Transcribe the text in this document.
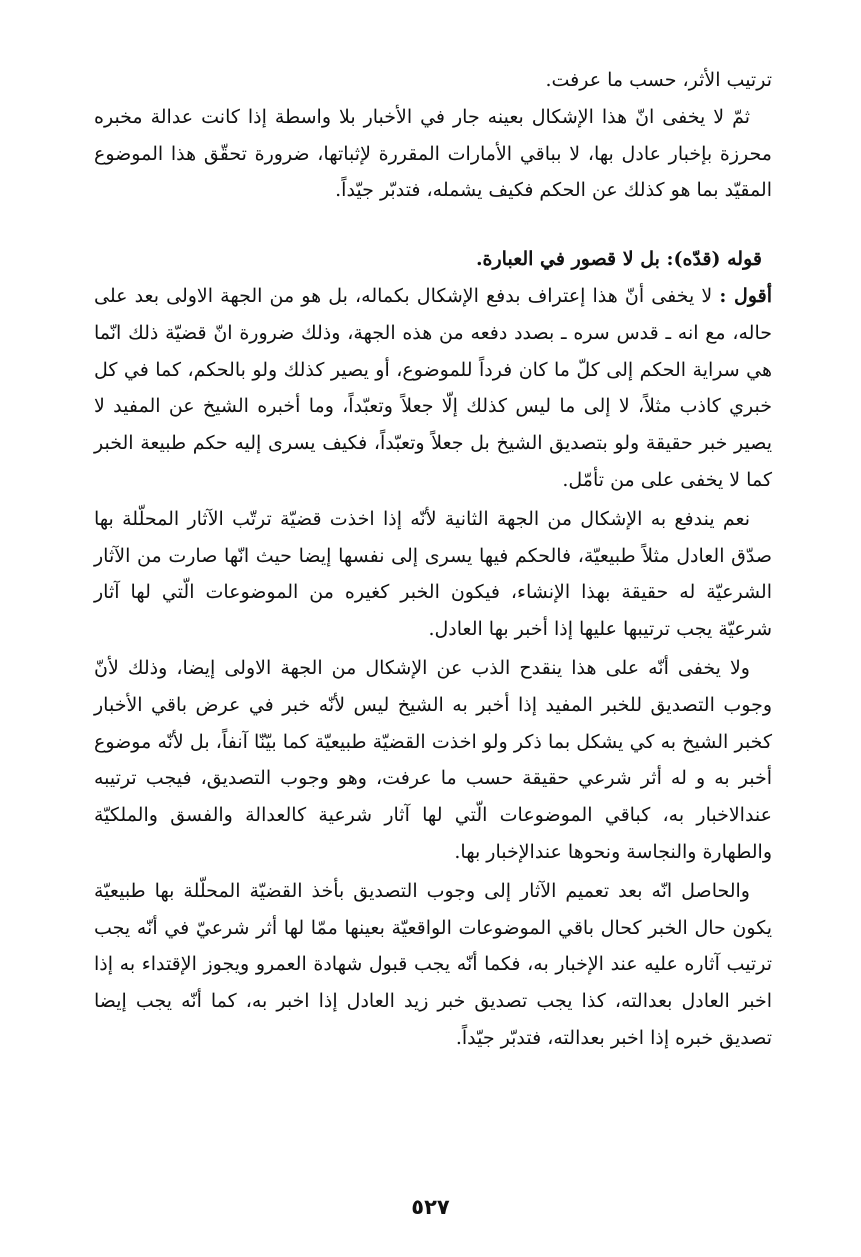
ترتيب الأثر، حسب ما عرفت.

ثمّ لا يخفى انّ هذا الإشكال بعينه جار في الأخبار بلا واسطة إذا كانت عدالة مخبره محرزة بإخبار عادل بها، لا بباقي الأمارات المقررة لإثباتها، ضرورة تحقّق هذا الموضوع المقيّد بما هو كذلك عن الحكم فكيف يشمله، فتدبّر جيّداً.

قوله (قدّه): بل لا قصور في العبارة.

أقول : لا يخفى أنّ هذا إعتراف بدفع الإشكال بكماله، بل هو من الجهة الاولى بعد على حاله، مع انه ـ قدس سره ـ بصدد دفعه من هذه الجهة، وذلك ضرورة انّ قضيّة ذلك انّما هي سراية الحكم إلى كلّ ما كان فرداً للموضوع، أو يصير كذلك ولو بالحكم، كما في كل خبري كاذب مثلاً، لا إلى ما ليس كذلك إلّا جعلاً وتعبّداً، وما أخبره الشيخ عن المفيد لا يصير خبر حقيقة ولو بتصديق الشيخ بل جعلاً وتعبّداً، فكيف يسرى إليه حكم طبيعة الخبر كما لا يخفى على من تأمّل.

نعم يندفع به الإشكال من الجهة الثانية لأنّه إذا اخذت قضيّة ترتّب الآثار المحلّلة بها صدّق العادل مثلاً طبيعيّة، فالحكم فيها يسرى إلى نفسها إيضا حيث انّها صارت من الآثار الشرعيّة له حقيقة بهذا الإنشاء، فيكون الخبر كغيره من الموضوعات الّتي لها آثار شرعيّة يجب ترتيبها عليها إذا أخبر بها العادل.

ولا يخفى أنّه على هذا ينقدح الذب عن الإشكال من الجهة الاولى إيضا، وذلك لأنّ وجوب التصديق للخبر المفيد إذا أخبر به الشيخ ليس لأنّه خبر في عرض باقي الأخبار كخبر الشيخ به كي يشكل بما ذكر ولو اخذت القضيّة طبيعيّة كما بيّنّا آنفاً، بل لأنّه موضوع أخبر به و له أثر شرعي حقيقة حسب ما عرفت، وهو وجوب التصديق، فيجب ترتيبه عندالاخبار به، كباقي الموضوعات الّتي لها آثار شرعية كالعدالة والفسق والملكيّة والطهارة والنجاسة ونحوها عندالإخبار بها.

والحاصل انّه بعد تعميم الآثار إلى وجوب التصديق بأخذ القضيّة المحلّلة بها طبيعيّة يكون حال الخبر كحال باقي الموضوعات الواقعيّة بعينها ممّا لها أثر شرعيّ في أنّه يجب ترتيب آثاره عليه عند الإخبار به، فكما أنّه يجب قبول شهادة العمرو ويجوز الإقتداء به إذا اخبر العادل بعدالته، كذا يجب تصديق خبر زيد العادل إذا اخبر به، كما أنّه يجب إيضا تصديق خبره إذا اخبر بعدالته، فتدبّر جيّداً.

٥٢٧
